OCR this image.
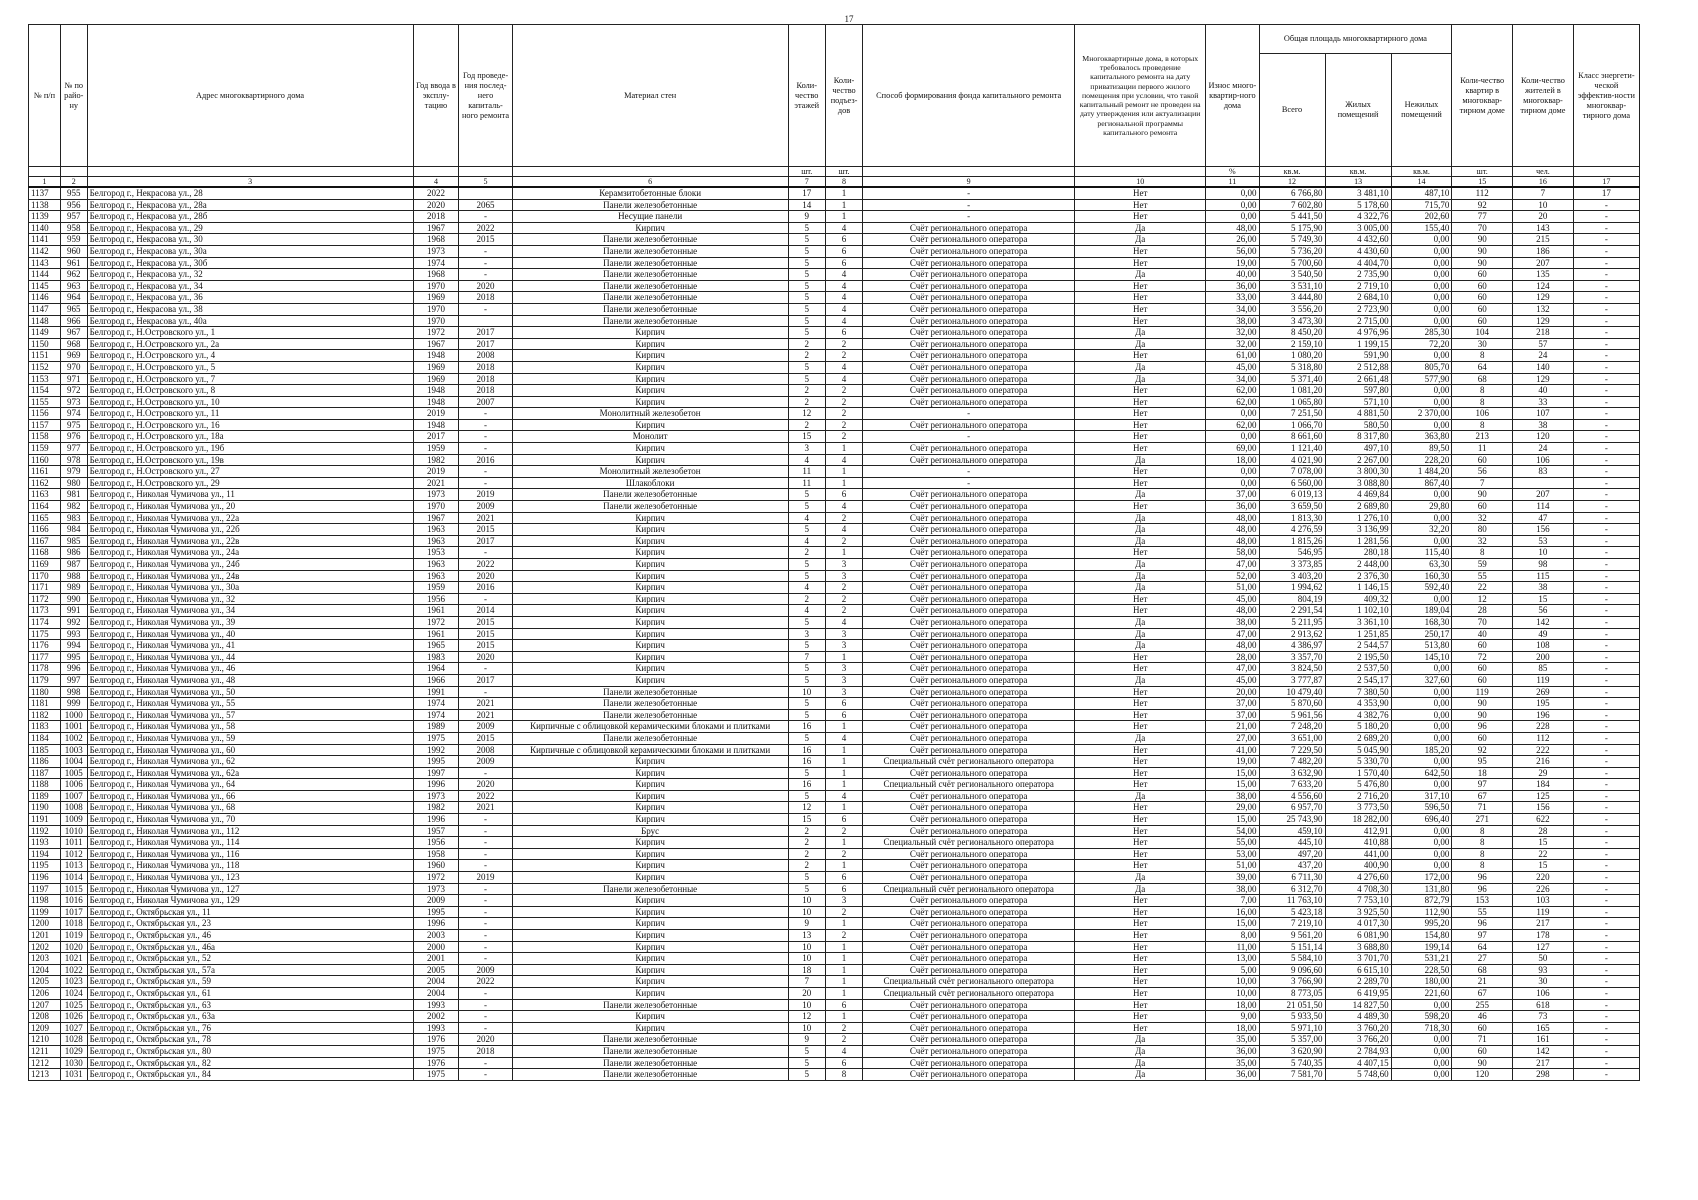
17
№ п/п	№ по райо-ну	Адрес многоквартирного дома	Год ввода в эксплу-тацию	Год проведе-ния послед-него капиталь-ного ремонта	Материал стен	Коли-чество этажей	Коли-чество подъез-дов	Способ формирования фонда капитального ремонта	Многоквартирные дома, в которых требовалось проведение капитального ремонта на дату приватизации первого жилого помещения при условии, что такой капитальный ремонт не проведен на дату утверждения или актуализации региональной программы капитального ремонта	Износ много-квартир-ного дома	Общая площадь многоквартирного дома			Коли-чество квартир в многоквар-тирном доме	Коли-чество жителей в многоквар-тирном доме	Класс энергети-ческой эффектив-ности многоквар-тирного дома
											Всего	Жилых помещений	Нежилых помещений			
						шт.	шт.			%	кв.м.	кв.м.	кв.м.	шт.	чел.	
1	2	3	4	5	6	7	8	9	10	11	12	13	14	15	16	17
1137	955	Белгород г., Некрасова ул., 28	2022		Керамзитобетонные блоки	17	1	-	Нет	0,00	6 766,80	3 481,10	487,10	112	7	17
1138	956	Белгород г., Некрасова ул., 28а	2020	2065	Панели железобетонные	14	1	-	Нет	0,00	7 602,80	5 178,60	715,70	92	10	-
1139	957	Белгород г., Некрасова ул., 28б	2018	-	Несущие панели	9	1	-	Нет	0,00	5 441,50	4 322,76	202,60	77	20	-
1140	958	Белгород г., Некрасова ул., 29	1967	2022	Кирпич	5	4	Счёт регионального оператора	Да	48,00	5 175,90	3 005,00	155,40	70	143	-
1141	959	Белгород г., Некрасова ул., 30	1968	2015	Панели железобетонные	5	6	Счёт регионального оператора	Да	26,00	5 749,30	4 432,60	0,00	90	215	-
1142	960	Белгород г., Некрасова ул., 30а	1973	-	Панели железобетонные	5	6	Счёт регионального оператора	Нет	56,00	5 736,20	4 430,60	0,00	90	186	-
1143	961	Белгород г., Некрасова ул., 30б	1974	-	Панели железобетонные	5	6	Счёт регионального оператора	Нет	19,00	5 700,60	4 404,70	0,00	90	207	-
1144	962	Белгород г., Некрасова ул., 32	1968	-	Панели железобетонные	5	4	Счёт регионального оператора	Да	40,00	3 540,50	2 735,90	0,00	60	135	-
1145	963	Белгород г., Некрасова ул., 34	1970	2020	Панели железобетонные	5	4	Счёт регионального оператора	Нет	36,00	3 531,10	2 719,10	0,00	60	124	-
1146	964	Белгород г., Некрасова ул., 36	1969	2018	Панели железобетонные	5	4	Счёт регионального оператора	Нет	33,00	3 444,80	2 684,10	0,00	60	129	-
1147	965	Белгород г., Некрасова ул., 38	1970	-	Панели железобетонные	5	4	Счёт регионального оператора	Нет	34,00	3 556,20	2 723,90	0,00	60	132	-
1148	966	Белгород г., Некрасова ул., 40а	1970		Панели железобетонные	5	4	Счёт регионального оператора	Нет	38,00	3 473,30	2 715,00	0,00	60	129	-
1149	967	Белгород г., Н.Островского ул., 1	1972	2017	Кирпич	5	6	Счёт регионального оператора	Да	32,00	8 450,20	4 976,96	285,30	104	218	-
1150	968	Белгород г., Н.Островского ул., 2а	1967	2017	Кирпич	2	2	Счёт регионального оператора	Да	32,00	2 159,10	1 199,15	72,20	30	57	-
1151	969	Белгород г., Н.Островского ул., 4	1948	2008	Кирпич	2	2	Счёт регионального оператора	Нет	61,00	1 080,20	591,90	0,00	8	24	-
1152	970	Белгород г., Н.Островского ул., 5	1969	2018	Кирпич	5	4	Счёт регионального оператора	Да	45,00	5 318,80	2 512,88	805,70	64	140	-
1153	971	Белгород г., Н.Островского ул., 7	1969	2018	Кирпич	5	4	Счёт регионального оператора	Да	34,00	5 371,40	2 661,48	577,90	68	129	-
1154	972	Белгород г., Н.Островского ул., 8	1948	2018	Кирпич	2	2	Счёт регионального оператора	Нет	62,00	1 081,20	597,80	0,00	8	40	-
1155	973	Белгород г., Н.Островского ул., 10	1948	2007	Кирпич	2	2	Счёт регионального оператора	Нет	62,00	1 065,80	571,10	0,00	8	33	-
1156	974	Белгород г., Н.Островского ул., 11	2019	-	Монолитный железобетон	12	2	-	Нет	0,00	7 251,50	4 881,50	2 370,00	106	107	-
1157	975	Белгород г., Н.Островского ул., 16	1948	-	Кирпич	2	2	Счёт регионального оператора	Нет	62,00	1 066,70	580,50	0,00	8	38	-
1158	976	Белгород г., Н.Островского ул., 18а	2017	-	Монолит	15	2	-	Нет	0,00	8 661,60	8 317,80	363,80	213	120	-
1159	977	Белгород г., Н.Островского ул., 19б	1959	-	Кирпич	3	1	Счёт регионального оператора	Нет	69,00	1 121,40	497,10	89,50	11	24	-
1160	978	Белгород г., Н.Островского ул., 19в	1982	2016	Кирпич	4	4	Счёт регионального оператора	Да	18,00	4 021,90	2 267,00	228,20	60	106	-
1161	979	Белгород г., Н.Островского ул., 27	2019	-	Монолитный железобетон	11	1	-	Нет	0,00	7 078,00	3 800,30	1 484,20	56	83	-
1162	980	Белгород г., Н.Островского ул., 29	2021	-	Шлакоблоки	11	1	-	Нет	0,00	6 560,00	3 088,80	867,40	7		-
1163	981	Белгород г., Николая Чумичова ул., 11	1973	2019	Панели железобетонные	5	6	Счёт регионального оператора	Да	37,00	6 019,13	4 469,84	0,00	90	207	-
1164	982	Белгород г., Николая Чумичова ул., 20	1970	2009	Панели железобетонные	5	4	Счёт регионального оператора	Нет	36,00	3 659,50	2 689,80	29,80	60	114	-
1165	983	Белгород г., Николая Чумичова ул., 22а	1967	2021	Кирпич	4	2	Счёт регионального оператора	Да	48,00	1 813,30	1 276,10	0,00	32	47	-
1166	984	Белгород г., Николая Чумичова ул., 22б	1963	2015	Кирпич	5	4	Счёт регионального оператора	Да	48,00	4 276,59	3 136,99	32,20	80	156	-
1167	985	Белгород г., Николая Чумичова ул., 22в	1963	2017	Кирпич	4	2	Счёт регионального оператора	Да	48,00	1 815,26	1 281,56	0,00	32	53	-
1168	986	Белгород г., Николая Чумичова ул., 24а	1953	-	Кирпич	2	1	Счёт регионального оператора	Нет	58,00	546,95	280,18	115,40	8	10	-
1169	987	Белгород г., Николая Чумичова ул., 24б	1963	2022	Кирпич	5	3	Счёт регионального оператора	Да	47,00	3 373,85	2 448,00	63,30	59	98	-
1170	988	Белгород г., Николая Чумичова ул., 24в	1963	2020	Кирпич	5	3	Счёт регионального оператора	Да	52,00	3 403,20	2 376,30	160,30	55	115	-
1171	989	Белгород г., Николая Чумичова ул., 30а	1959	2016	Кирпич	4	2	Счёт регионального оператора	Да	51,00	1 994,62	1 146,15	592,40	22	38	-
1172	990	Белгород г., Николая Чумичова ул., 32	1956	-	Кирпич	2	2	Счёт регионального оператора	Нет	45,00	804,19	409,32	0,00	12	15	-
1173	991	Белгород г., Николая Чумичова ул., 34	1961	2014	Кирпич	4	2	Счёт регионального оператора	Нет	48,00	2 291,54	1 102,10	189,04	28	56	-
1174	992	Белгород г., Николая Чумичова ул., 39	1972	2015	Кирпич	5	4	Счёт регионального оператора	Да	38,00	5 211,95	3 361,10	168,30	70	142	-
1175	993	Белгород г., Николая Чумичова ул., 40	1961	2015	Кирпич	3	3	Счёт регионального оператора	Да	47,00	2 913,62	1 251,85	250,17	40	49	-
1176	994	Белгород г., Николая Чумичова ул., 41	1965	2015	Кирпич	5	3	Счёт регионального оператора	Да	48,00	4 386,97	2 544,57	513,80	60	108	-
1177	995	Белгород г., Николая Чумичова ул., 44	1983	2020	Кирпич	7	1	Счёт регионального оператора	Нет	28,00	3 357,70	2 195,50	145,10	72	200	-
1178	996	Белгород г., Николая Чумичова ул., 46	1964	-	Кирпич	5	3	Счёт регионального оператора	Нет	47,00	3 824,50	2 537,50	0,00	60	85	-
1179	997	Белгород г., Николая Чумичова ул., 48	1966	2017	Кирпич	5	3	Счёт регионального оператора	Да	45,00	3 777,87	2 545,17	327,60	60	119	-
1180	998	Белгород г., Николая Чумичова ул., 50	1991	-	Панели железобетонные	10	3	Счёт регионального оператора	Нет	20,00	10 479,40	7 380,50	0,00	119	269	-
1181	999	Белгород г., Николая Чумичова ул., 55	1974	2021	Панели железобетонные	5	6	Счёт регионального оператора	Нет	37,00	5 870,60	4 353,90	0,00	90	195	-
1182	1000	Белгород г., Николая Чумичова ул., 57	1974	2021	Панели железобетонные	5	6	Счёт регионального оператора	Нет	37,00	5 961,56	4 382,76	0,00	90	196	-
1183	1001	Белгород г., Николая Чумичова ул., 58	1989	2009	Кирпичные с облицовкой керамическими блоками и плитками	16	1	Счёт регионального оператора	Нет	21,00	7 248,20	5 180,20	0,00	96	228	-
1184	1002	Белгород г., Николая Чумичова ул., 59	1975	2015	Панели железобетонные	5	4	Счёт регионального оператора	Да	27,00	3 651,00	2 689,20	0,00	60	112	-
1185	1003	Белгород г., Николая Чумичова ул., 60	1992	2008	Кирпичные с облицовкой керамическими блоками и плитками	16	1	Счёт регионального оператора	Нет	41,00	7 229,50	5 045,90	185,20	92	222	-
1186	1004	Белгород г., Николая Чумичова ул., 62	1995	2009	Кирпич	16	1	Специальный счёт регионального оператора	Нет	19,00	7 482,20	5 330,70	0,00	95	216	-
1187	1005	Белгород г., Николая Чумичова ул., 62а	1997	-	Кирпич	5	1	Счёт регионального оператора	Нет	15,00	3 632,90	1 570,40	642,50	18	29	-
1188	1006	Белгород г., Николая Чумичова ул., 64	1996	2020	Кирпич	16	1	Специальный счёт регионального оператора	Нет	15,00	7 633,20	5 476,80	0,00	97	184	-
1189	1007	Белгород г., Николая Чумичова ул., 66	1973	2022	Кирпич	5	4	Счёт регионального оператора	Да	38,00	4 556,60	2 716,20	317,10	67	125	-
1190	1008	Белгород г., Николая Чумичова ул., 68	1982	2021	Кирпич	12	1	Счёт регионального оператора	Нет	29,00	6 957,70	3 773,50	596,50	71	156	-
1191	1009	Белгород г., Николая Чумичова ул., 70	1996	-	Кирпич	15	6	Счёт регионального оператора	Нет	15,00	25 743,90	18 282,00	696,40	271	622	-
1192	1010	Белгород г., Николая Чумичова ул., 112	1957	-	Брус	2	2	Счёт регионального оператора	Нет	54,00	459,10	412,91	0,00	8	28	-
1193	1011	Белгород г., Николая Чумичова ул., 114	1956	-	Кирпич	2	1	Специальный счёт регионального оператора	Нет	55,00	445,10	410,88	0,00	8	15	-
1194	1012	Белгород г., Николая Чумичова ул., 116	1958	-	Кирпич	2	2	Счёт регионального оператора	Нет	53,00	497,20	441,00	0,00	8	22	-
1195	1013	Белгород г., Николая Чумичова ул., 118	1960	-	Кирпич	2	1	Счёт регионального оператора	Нет	51,00	437,20	400,90	0,00	8	15	-
1196	1014	Белгород г., Николая Чумичова ул., 123	1972	2019	Кирпич	5	6	Счёт регионального оператора	Да	39,00	6 711,30	4 276,60	172,00	96	220	-
1197	1015	Белгород г., Николая Чумичова ул., 127	1973	-	Панели железобетонные	5	6	Специальный счёт регионального оператора	Да	38,00	6 312,70	4 708,30	131,80	96	226	-
1198	1016	Белгород г., Николая Чумичова ул., 129	2009	-	Кирпич	10	3	Счёт регионального оператора	Нет	7,00	11 763,10	7 753,10	872,79	153	103	-
1199	1017	Белгород г., Октябрьская ул., 11	1995	-	Кирпич	10	2	Счёт регионального оператора	Нет	16,00	5 423,18	3 925,50	112,90	55	119	-
1200	1018	Белгород г., Октябрьская ул., 23	1996	-	Кирпич	9	1	Счёт регионального оператора	Нет	15,00	7 219,10	4 017,30	995,20	96	217	-
1201	1019	Белгород г., Октябрьская ул., 46	2003	-	Кирпич	13	2	Счёт регионального оператора	Нет	8,00	9 561,20	6 081,90	154,80	97	178	-
1202	1020	Белгород г., Октябрьская ул., 46а	2000	-	Кирпич	10	1	Счёт регионального оператора	Нет	11,00	5 151,14	3 688,80	199,14	64	127	-
1203	1021	Белгород г., Октябрьская ул., 52	2001	-	Кирпич	10	1	Счёт регионального оператора	Нет	13,00	5 584,10	3 701,70	531,21	27	50	-
1204	1022	Белгород г., Октябрьская ул., 57а	2005	2009	Кирпич	18	1	Счёт регионального оператора	Нет	5,00	9 096,60	6 615,10	228,50	68	93	-
1205	1023	Белгород г., Октябрьская ул., 59	2004	2022	Кирпич	7	1	Специальный счёт регионального оператора	Нет	10,00	3 766,90	2 289,70	180,00	21	30	-
1206	1024	Белгород г., Октябрьская ул., 61	2004	-	Кирпич	20	1	Специальный счёт регионального оператора	Нет	10,00	8 773,05	6 419,95	221,60	67	106	-
1207	1025	Белгород г., Октябрьская ул., 63	1993	-	Панели железобетонные	10	6	Счёт регионального оператора	Нет	18,00	21 051,50	14 827,50	0,00	255	618	-
1208	1026	Белгород г., Октябрьская ул., 63а	2002	-	Кирпич	12	1	Счёт регионального оператора	Нет	9,00	5 933,50	4 489,30	598,20	46	73	-
1209	1027	Белгород г., Октябрьская ул., 76	1993	-	Кирпич	10	2	Счёт регионального оператора	Нет	18,00	5 971,10	3 760,20	718,30	60	165	-
1210	1028	Белгород г., Октябрьская ул., 78	1976	2020	Панели железобетонные	9	2	Счёт регионального оператора	Да	35,00	5 357,00	3 766,20	0,00	71	161	-
1211	1029	Белгород г., Октябрьская ул., 80	1975	2018	Панели железобетонные	5	4	Счёт регионального оператора	Да	36,00	3 620,90	2 784,93	0,00	60	142	-
1212	1030	Белгород г., Октябрьская ул., 82	1976	-	Панели железобетонные	5	6	Счёт регионального оператора	Да	35,00	5 740,35	4 407,15	0,00	90	217	-
1213	1031	Белгород г., Октябрьская ул., 84	1975	-	Панели железобетонные	5	8	Счёт регионального оператора	Да	36,00	7 581,70	5 748,60	0,00	120	298	-
